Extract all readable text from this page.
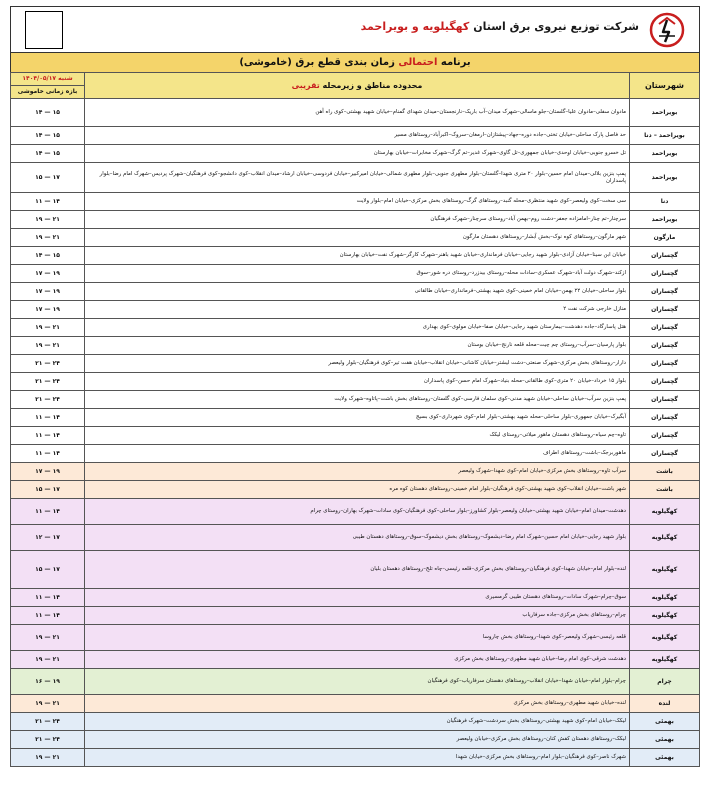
شرکت توزیع نیروی برق استان کهگیلویه و بویراحمد
برنامه احتمالی زمان بندی قطع برق (خاموشی)
شهرستان	محدوده مناطق و زیرمحله تقریبی	شنبه ۱۴۰۴/۰۵/۱۷
بازه زمانی خاموشی

بویراحمد	مادوان سفلی–مادوان علیا–گلستان–جلو ماسالی–شهرک میدان–آب باریک–نارنجستان–میدان شهدای گمنام–خیابان شهید بهشتی–کوی راه آهن	۱۴ — ۱۵
بویراحمد – دنا	حد فاصل پارک ساحلی–خیابان تختی–جاده دوره–جهاد–پیشتازان–ارمغان–سروک–اکبرآباد–روستاهای مسیر	۱۴ — ۱۵
بویراحمد	تل خسرو جنوبی–خیابان اوحدی–خیابان جمهوری–تل گاوی–شهرک غدیر–تم گرگ–شهرک مخابرات–خیابان بهارستان	۱۴ — ۱۵
بویراحمد	پمپ بنزین بلالی–میدان امام حسین–بلوار ۲۰ متری شهدا–گلستان–بلوار مطهری جنوبی–بلوار مطهری شمالی–خیابان امیرکبیر–خیابان فردوسی–خیابان ارشاد–میدان انقلاب–کوی دانشجو–کوی فرهنگیان–شهرک پردیس–شهرک امام رضا–بلوار پاسداران	۱۵ — ۱۷
دنا	سی سخت–کوی ولیعصر–کوی شهید منتظری–محله گنبد–روستاهای گرگ–روستاهای بخش مرکزی–خیابان امام–بلوار ولایت	۱۱ — ۱۴
بویراحمد	سرچنار–تم چنار–امامزاده جعفر–دشت روم–بهمن آباد–روستای سرچنار–شهرک فرهنگیان	۱۹ — ۲۱
مارگون	شهر مارگون–روستاهای کوه نوک–بخش آبشار–روستاهای دهستان مارگون	۱۹ — ۲۱
گچساران	خیابان ابن سینا–خیابان آزادی–بلوار شهید رجایی–خیابان فرمانداری–خیابان شهید باهنر–شهرک کارگر–شهرک نفت–خیابان بهارستان	۱۴ — ۱۵
گچساران	ازکند–شهرک دولت آباد–شهرک عسکری–سادات محله–روستای بیدزرد–روستای دره شور–سوق	۱۷ — ۱۹
گچساران	بلوار ساحلی–خیابان ۲۲ بهمن–خیابان امام خمینی–کوی شهید بهشتی–فرمانداری–خیابان طالقانی	۱۷ — ۱۹
گچساران	منازل خارجی شرکت نفت ۲	۱۷ — ۱۹
گچساران	هتل پاسارگاد–جاده دهدشت–بیمارستان شهید رجایی–خیابان صفا–خیابان مولوی–کوی بهداری	۱۹ — ۲۱
گچساران	بلوار پارسیان–سرآب–روستای چم چیت–محله قلعه نارنج–خیابان بوستان	۱۹ — ۲۱
گچساران	دارار–روستاهای بخش مرکزی–شهرک صنعتی–دشت لیشتر–خیابان کاشانی–خیابان انقلاب–خیابان هفت تیر–کوی فرهنگیان–بلوار ولیعصر	۲۱ — ۲۴
گچساران	بلوار ۱۵ خرداد–خیابان ۲۰ متری–کوی طالقانی–محله بنیاد–شهرک امام حسن–کوی پاسداران	۲۱ — ۲۴
گچساران	پمپ بنزین سرآب–خیابان ساحلی–خیابان شهید مدنی–کوی سلمان فارسی–کوی گلستان–روستاهای بخش باشت–پاتاوه–شهرک ولایت	۲۱ — ۲۴
گچساران	آبگیرک–خیابان جمهوری–بلوار ساحلی–محله شهید بهشتی–بلوار امام–کوی شهرداری–کوی بسیج	۱۱ — ۱۴
گچساران	تاوه–چم سیاه–روستاهای دهستان ماهور میلاتی–روستای لیکک	۱۱ — ۱۴
گچساران	ماهوربرجک–باشت–روستاهای اطراف	۱۱ — ۱۴
باشت	سرآب تاوه–روستاهای بخش مرکزی–خیابان امام–کوی شهدا–شهرک ولیعصر	۱۷ — ۱۹
باشت	شهر باشت–خیابان انقلاب–کوی شهید بهشتی–کوی فرهنگیان–بلوار امام خمینی–روستاهای دهستان کوه مره	۱۵ — ۱۷
کهگیلویه	دهدشت–میدان امام–خیابان شهید بهشتی–خیابان ولیعصر–بلوار کشاورز–بلوار ساحلی–کوی فرهنگیان–کوی سادات–شهرک بهاران–روستای چرام	۱۱ — ۱۴
کهگیلویه	بلوار شهید رجایی–خیابان امام حسین–شهرک امام رضا–دیشموک–روستاهای بخش دیشموک–سوق–روستاهای دهستان طیبی	۱۲ — ۱۷
کهگیلویه	لنده–بلوار امام–خیابان شهدا–کوی فرهنگیان–روستاهای بخش مرکزی–قلعه رئیسی–چاه تلخ–روستاهای دهستان بلیان	۱۵ — ۱۷
کهگیلویه	سوق–چرام–شهرک سادات–روستاهای دهستان طیبی گرمسیری	۱۱ — ۱۴
کهگیلویه	چرام–روستاهای بخش مرکزی–جاده سرفاریاب	۱۱ — ۱۴
کهگیلویه	قلعه رئیسی–شهرک ولیعصر–کوی شهدا–روستاهای بخش چاروسا	۱۹ — ۲۱
کهگیلویه	دهدشت شرقی–کوی امام رضا–خیابان شهید مطهری–روستاهای بخش مرکزی	۱۹ — ۲۱
چرام	چرام–بلوار امام–خیابان شهدا–خیابان انقلاب–روستاهای دهستان سرفاریاب–کوی فرهنگیان	۱۶ — ۱۹
لنده	لنده–خیابان شهید مطهری–روستاهای بخش مرکزی	۱۹ — ۲۱
بهمئی	لیکک–خیابان امام–کوی شهید بهشتی–روستاهای بخش سردشت–شهرک فرهنگیان	۲۱ — ۲۴
بهمئی	لیکک–روستاهای دهستان کفش کنان–روستاهای بخش مرکزی–خیابان ولیعصر	۲۱ — ۲۴
بهمئی	شهرک ناصر–کوی فرهنگیان–بلوار امام–روستاهای بخش مرکزی–خیابان شهدا	۱۹ — ۲۱
